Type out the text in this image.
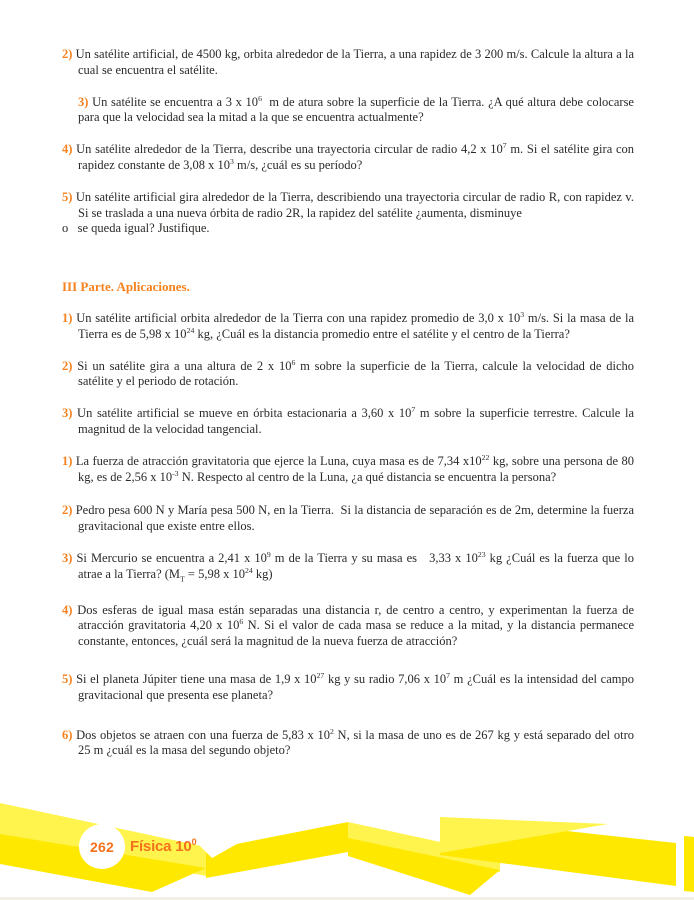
2) Un satélite artificial, de 4500 kg, orbita alrededor de la Tierra, a una rapidez de 3 200 m/s. Calcule la altura a la cual se encuentra el satélite.
3) Un satélite se encuentra a 3 x $10^6$  m de atura sobre la superficie de la Tierra. ¿A qué altura debe colocarse para que la velocidad sea la mitad a la que se encuentra actualmente?
4) Un satélite alrededor de la Tierra, describe una trayectoria circular de radio 4,2 x $10^7$ m. Si el satélite gira con rapidez constante de 3,08 x $10^3$ m/s, ¿cuál es su período?
5) Un satélite artificial gira alrededor de la Tierra, describiendo una trayectoria circular de radio R, con rapidez v. Si se traslada a una nueva órbita de radio 2R, la rapidez del satélite ¿aumenta, disminuye
o   se queda igual? Justifique.
III Parte. Aplicaciones.
1) Un satélite artificial orbita alrededor de la Tierra con una rapidez promedio de 3,0 x $10^3$ m/s. Si la masa de la Tierra es de 5,98 x $10^{24}$ kg, ¿Cuál es la distancia promedio entre el satélite y el centro de la Tierra?
2) Si un satélite gira a una altura de 2 x $10^6$ m sobre la superficie de la Tierra, calcule la velocidad de dicho satélite y el periodo de rotación.
3) Un satélite artificial se mueve en órbita estacionaria a 3,60 x $10^7$ m sobre la superficie terrestre. Calcule la magnitud de la velocidad tangencial.
1) La fuerza de atracción gravitatoria que ejerce la Luna, cuya masa es de 7,34 $x10^{22}$ kg, sobre una persona de 80 kg, es de 2,56 x $10^{-3}$ N. Respecto al centro de la Luna, ¿a qué distancia se encuentra la persona?
2) Pedro pesa 600 N y María pesa 500 N, en la Tierra.  Si la distancia de separación es de 2m, determine la fuerza gravitacional que existe entre ellos.
3) Si Mercurio se encuentra a 2,41 x $10^9$ m de la Tierra y su masa es   3,33 x $10^{23}$ kg ¿Cuál es la fuerza que lo atrae a la Tierra? ($M_T = 5,98$ x $10^{24}$ kg)
4) Dos esferas de igual masa están separadas una distancia r, de centro a centro, y experimentan la fuerza de atracción gravitatoria 4,20 x $10^6$ N. Si el valor de cada masa se reduce a la mitad, y la distancia permanece constante, entonces, ¿cuál será la magnitud de la nueva fuerza de atracción?
5) Si el planeta Júpiter tiene una masa de 1,9 x $10^{27}$ kg y su radio 7,06 x $10^7$ m ¿Cuál es la intensidad del campo gravitacional que presenta ese planeta?
6) Dos objetos se atraen con una fuerza de 5,83 x $10^2$ N, si la masa de uno es de 267 kg y está separado del otro 25 m ¿cuál es la masa del segundo objeto?
262 Física $10^0$
